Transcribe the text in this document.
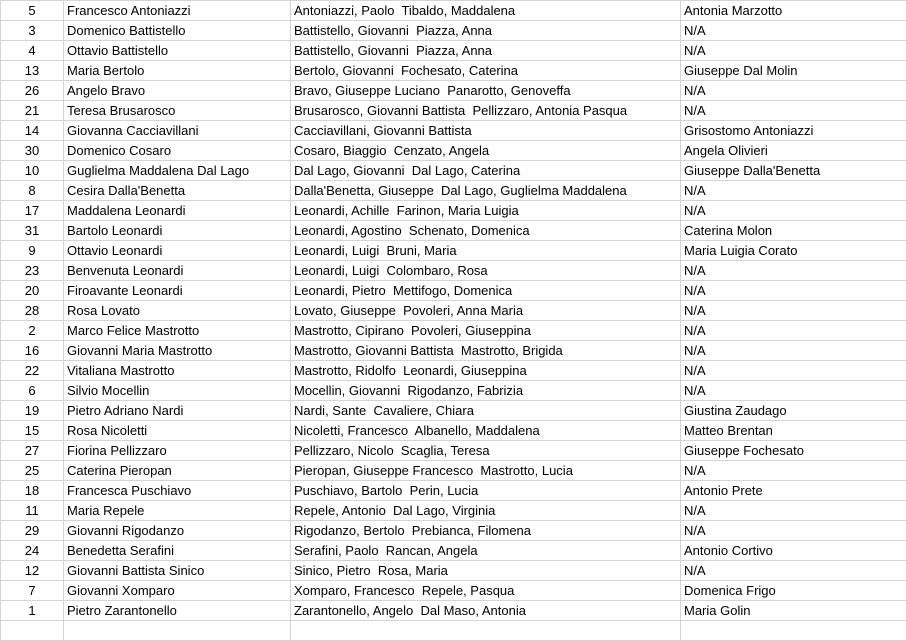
5	Francesco Antoniazzi	Antoniazzi, Paolo  Tibaldo, Maddalena	Antonia Marzotto
3	Domenico Battistello	Battistello, Giovanni  Piazza, Anna	N/A
4	Ottavio Battistello	Battistello, Giovanni  Piazza, Anna	N/A
13	Maria Bertolo	Bertolo, Giovanni  Fochesato, Caterina	Giuseppe Dal Molin
26	Angelo Bravo	Bravo, Giuseppe Luciano  Panarotto, Genoveffa	N/A
21	Teresa Brusarosco	Brusarosco, Giovanni Battista  Pellizzaro, Antonia Pasqua	N/A
14	Giovanna Cacciavillani	Cacciavillani, Giovanni Battista	Grisostomo Antoniazzi
30	Domenico Cosaro	Cosaro, Biaggio  Cenzato, Angela	Angela Olivieri
10	Guglielma Maddalena Dal Lago	Dal Lago, Giovanni  Dal Lago, Caterina	Giuseppe Dalla'Benetta
8	Cesira Dalla'Benetta	Dalla'Benetta, Giuseppe  Dal Lago, Guglielma Maddalena	N/A
17	Maddalena Leonardi	Leonardi, Achille  Farinon, Maria Luigia	N/A
31	Bartolo Leonardi	Leonardi, Agostino  Schenato, Domenica	Caterina Molon
9	Ottavio Leonardi	Leonardi, Luigi  Bruni, Maria	Maria Luigia Corato
23	Benvenuta Leonardi	Leonardi, Luigi  Colombaro, Rosa	N/A
20	Firoavante Leonardi	Leonardi, Pietro  Mettifogo, Domenica	N/A
28	Rosa Lovato	Lovato, Giuseppe  Povoleri, Anna Maria	N/A
2	Marco Felice Mastrotto	Mastrotto, Cipirano  Povoleri, Giuseppina	N/A
16	Giovanni Maria Mastrotto	Mastrotto, Giovanni Battista  Mastrotto, Brigida	N/A
22	Vitaliana Mastrotto	Mastrotto, Ridolfo  Leonardi, Giuseppina	N/A
6	Silvio Mocellin	Mocellin, Giovanni  Rigodanzo, Fabrizia	N/A
19	Pietro Adriano Nardi	Nardi, Sante  Cavaliere, Chiara	Giustina Zaudago
15	Rosa Nicoletti	Nicoletti, Francesco  Albanello, Maddalena	Matteo Brentan
27	Fiorina Pellizzaro	Pellizzaro, Nicolo  Scaglia, Teresa	Giuseppe Fochesato
25	Caterina Pieropan	Pieropan, Giuseppe Francesco  Mastrotto, Lucia	N/A
18	Francesca Puschiavo	Puschiavo, Bartolo  Perin, Lucia	Antonio Prete
11	Maria Repele	Repele, Antonio  Dal Lago, Virginia	N/A
29	Giovanni Rigodanzo	Rigodanzo, Bertolo  Prebianca, Filomena	N/A
24	Benedetta Serafini	Serafini, Paolo  Rancan, Angela	Antonio Cortivo
12	Giovanni Battista Sinico	Sinico, Pietro  Rosa, Maria	N/A
7	Giovanni Xomparo	Xomparo, Francesco  Repele, Pasqua	Domenica Frigo
1	Pietro Zarantonello	Zarantonello, Angelo  Dal Maso, Antonia	Maria Golin
